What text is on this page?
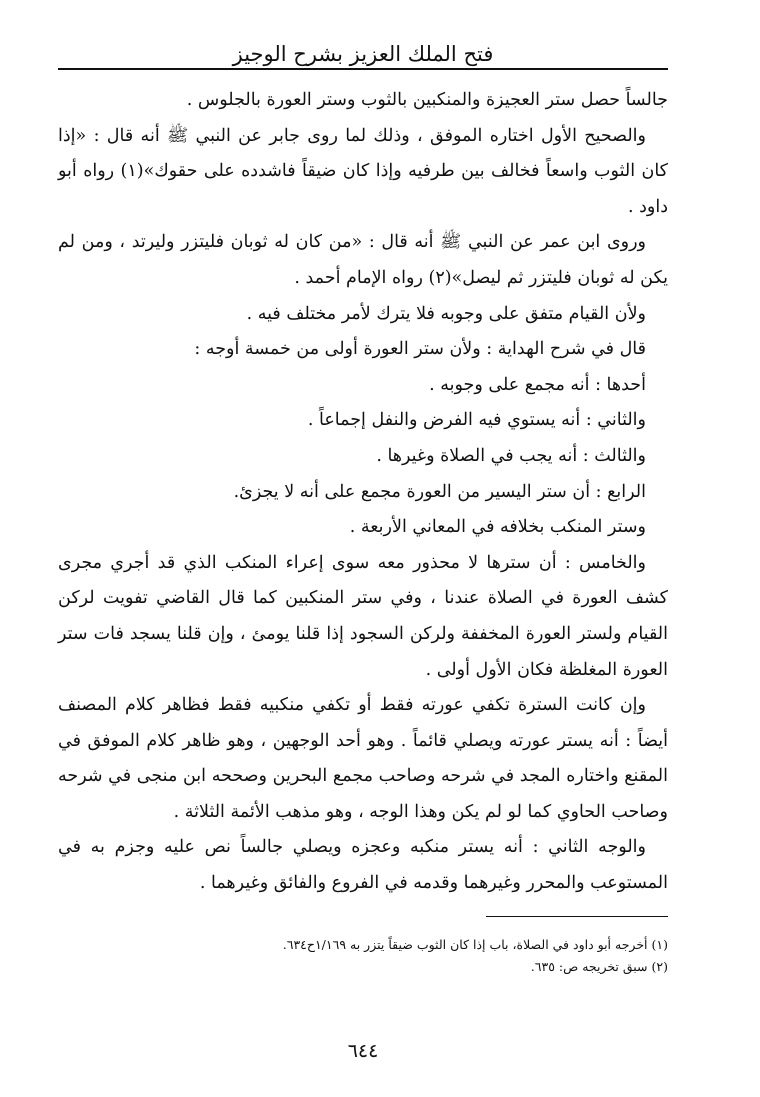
فتح الملك العزيز بشرح الوجيز

جالساً حصل ستر العجيزة والمنكبين بالثوب وستر العورة بالجلوس .

والصحيح الأول اختاره الموفق ، وذلك لما روى جابر عن النبي ﷺ أنه قال : «إذا كان الثوب واسعاً فخالف بين طرفيه وإذا كان ضيقاً فاشدده على حقوك»(١) رواه أبو داود .

وروى ابن عمر عن النبي ﷺ أنه قال : «من كان له ثوبان فليتزر وليرتد ، ومن لم يكن له ثوبان فليتزر ثم ليصل»(٢) رواه الإمام أحمد .

ولأن القيام متفق على وجوبه فلا يترك لأمر مختلف فيه .

قال في شرح الهداية : ولأن ستر العورة أولى من خمسة أوجه :

أحدها : أنه مجمع على وجوبه .

والثاني : أنه يستوي فيه الفرض والنفل إجماعاً .

والثالث : أنه يجب في الصلاة وغيرها .

الرابع : أن ستر اليسير من العورة مجمع على أنه لا يجزئ.

وستر المنكب بخلافه في المعاني الأربعة .

والخامس : أن سترها لا محذور معه سوى إعراء المنكب الذي قد أجري مجرى كشف العورة في الصلاة عندنا ، وفي ستر المنكبين كما قال القاضي تفويت لركن القيام ولستر العورة المخففة ولركن السجود إذا قلنا يومئ ، وإن قلنا يسجد فات ستر العورة المغلظة فكان الأول أولى .

وإن كانت السترة تكفي عورته فقط أو تكفي منكبيه فقط فظاهر كلام المصنف أيضاً : أنه يستر عورته ويصلي قائماً . وهو أحد الوجهين ، وهو ظاهر كلام الموفق في المقنع واختاره المجد في شرحه وصاحب مجمع البحرين وصححه ابن منجى في شرحه وصاحب الحاوي كما لو لم يكن وهذا الوجه ، وهو مذهب الأئمة الثلاثة .

والوجه الثاني : أنه يستر منكبه وعجزه ويصلي جالساً نص عليه وجزم به في المستوعب والمحرر وغيرهما وقدمه في الفروع والفائق وغيرهما .

(١) أخرجه أبو داود في الصلاة، باب إذا كان الثوب ضيقاً يتزر به ١/١٦٩ح٦٣٤.

(٢) سبق تخريجه ص: ٦٣٥.

٦٤٤
